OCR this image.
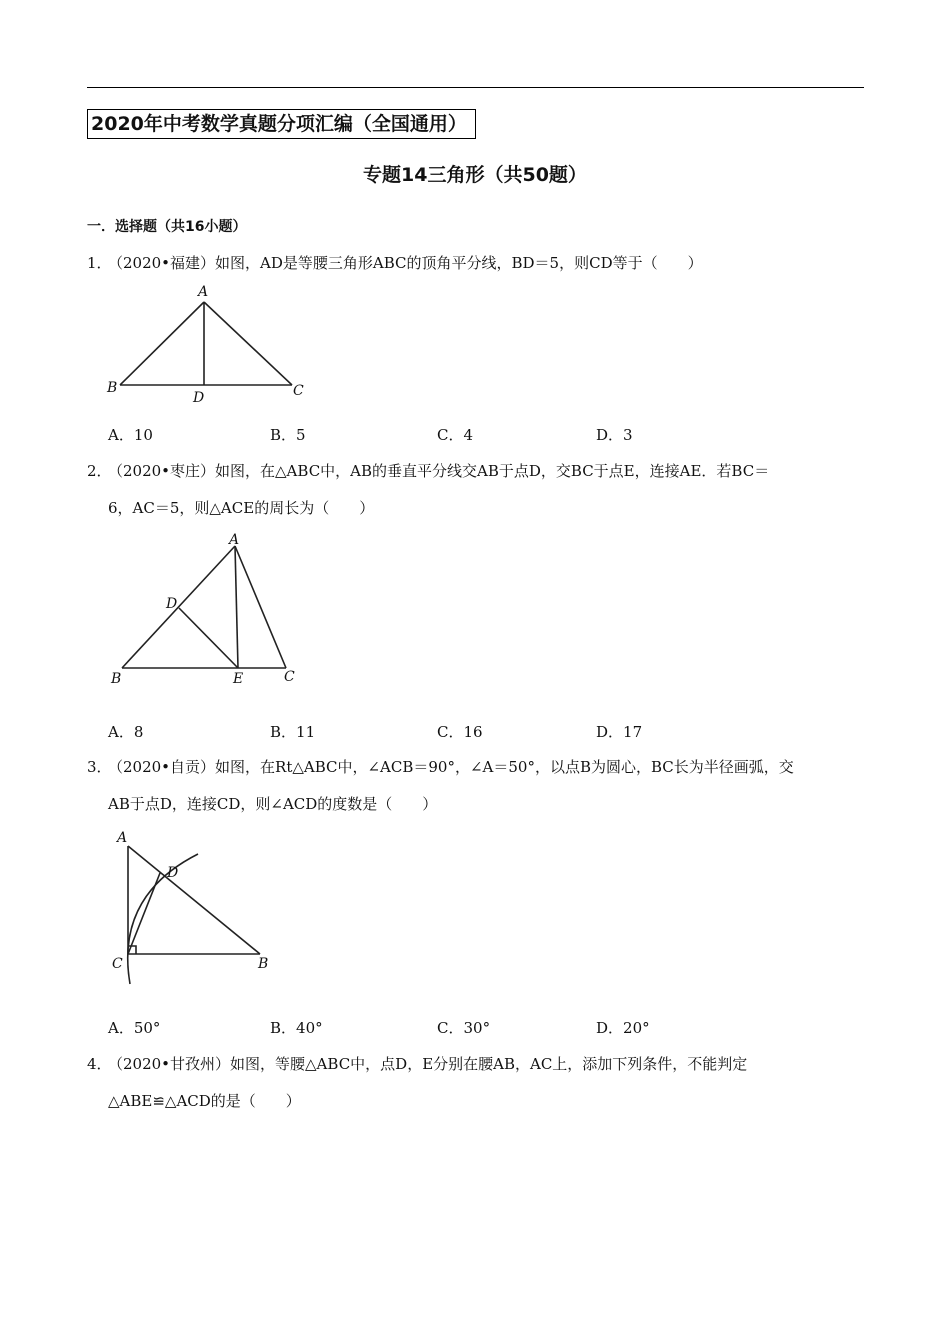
2020年中考数学真题分项汇编（全国通用）
专题14三角形（共50题）
一．选择题（共16小题）
1．
（2020•福建）如图，AD是等腰三角形ABC的顶角平分线，BD＝5，则CD等于（　　）
A
B
D	C
A．10	B．5	C．4	D．3
2．
（2020•枣庄）如图，在△ABC中，AB的垂直平分线交AB于点D，交BC于点E，连接AE．若BC＝
6，AC＝5，则△ACE的周长为（　　）
A
D
B	E	C
A．8	B．11	C．16	D．17
3．
（2020•自贡）如图，在Rt△ABC中，∠ACB＝90°，∠A＝50°，以点B为圆心，BC长为半径画弧，交
AB于点D，连接CD，则∠ACD的度数是（　　）
A
D
C	B
A．50°	B．40°	C．30°	D．20°
4．
（2020•甘孜州）如图，等腰△ABC中，点D，E分别在腰AB，AC上，添加下列条件，不能判定
△ABE≌△ACD的是（　　）
